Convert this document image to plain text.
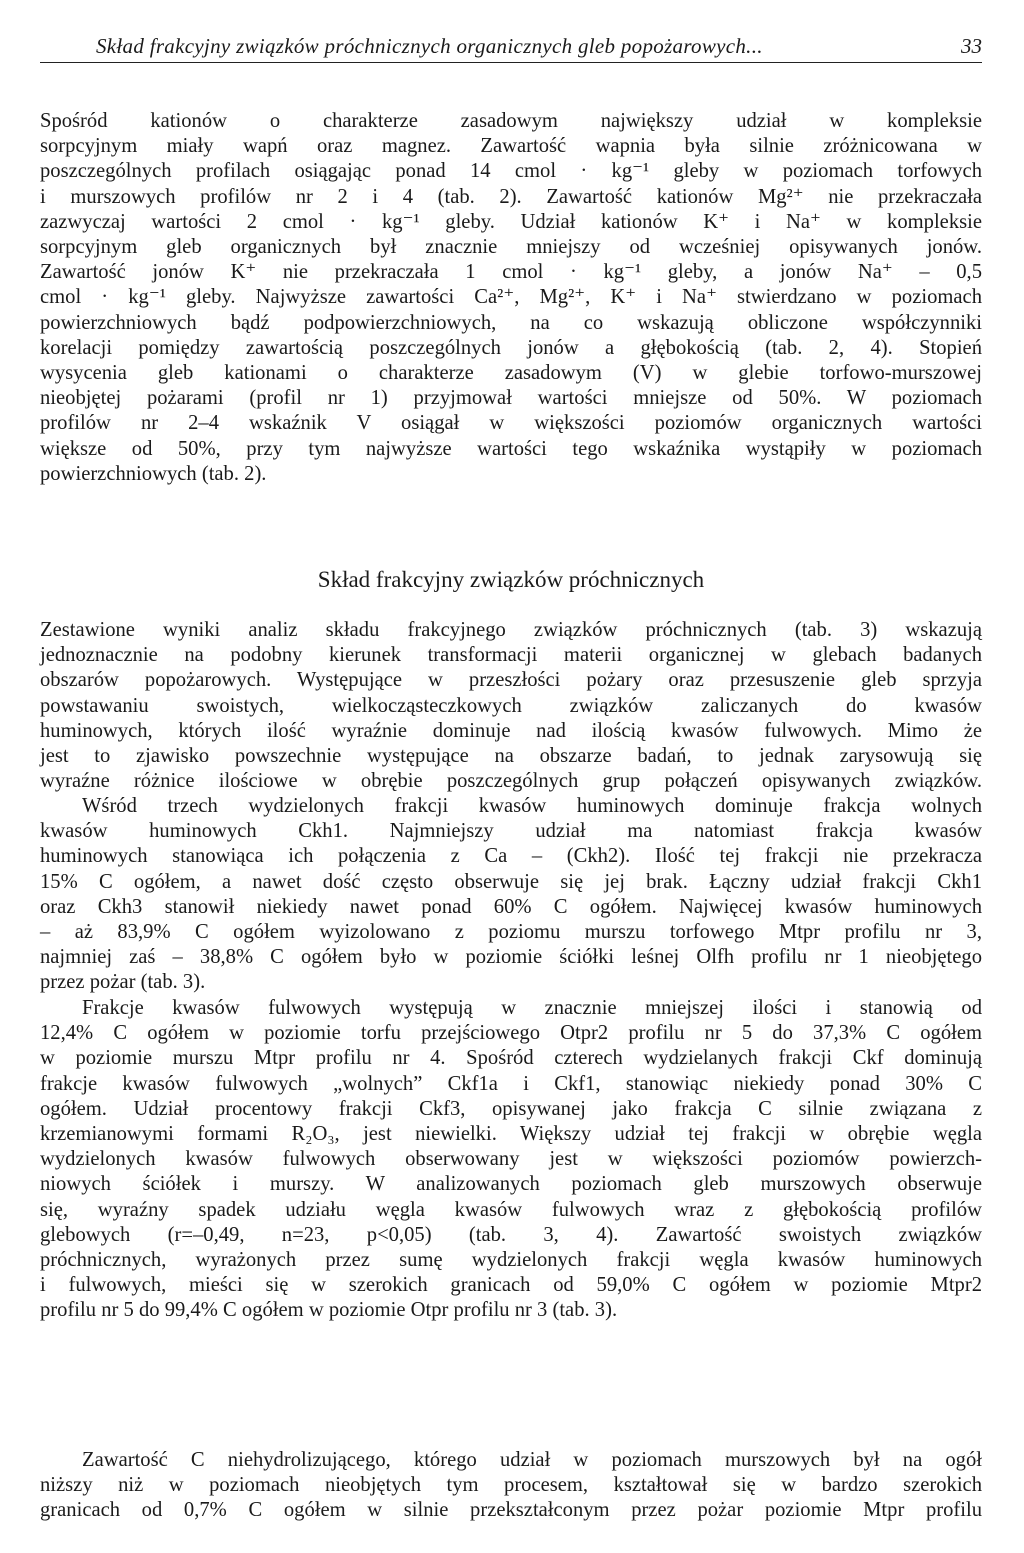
Skład frakcyjny związków próchnicznych organicznych gleb popożarowych...	33
Spośród kationów o charakterze zasadowym największy udział w kompleksie
sorpcyjnym miały wapń oraz magnez. Zawartość wapnia była silnie zróżnicowana w
poszczególnych profilach osiągając ponad 14 cmol · kg⁻¹ gleby w poziomach torfowych
i murszowych profilów nr 2 i 4 (tab. 2). Zawartość kationów Mg²⁺ nie przekraczała
zazwyczaj wartości 2 cmol · kg⁻¹ gleby. Udział kationów K⁺ i Na⁺ w kompleksie
sorpcyjnym gleb organicznych był znacznie mniejszy od wcześniej opisywanych jonów.
Zawartość jonów K⁺ nie przekraczała 1 cmol · kg⁻¹ gleby, a jonów Na⁺ – 0,5
cmol · kg⁻¹ gleby. Najwyższe zawartości Ca²⁺, Mg²⁺, K⁺ i Na⁺ stwierdzano w poziomach
powierzchniowych bądź podpowierzchniowych, na co wskazują obliczone współczynniki
korelacji pomiędzy zawartością poszczególnych jonów a głębokością (tab. 2, 4). Stopień
wysycenia gleb kationami o charakterze zasadowym (V) w glebie torfowo-murszowej
nieobjętej pożarami (profil nr 1) przyjmował wartości mniejsze od 50%. W poziomach
profilów nr 2–4 wskaźnik V osiągał w większości poziomów organicznych wartości
większe od 50%, przy tym najwyższe wartości tego wskaźnika wystąpiły w poziomach
powierzchniowych (tab. 2).
Skład frakcyjny związków próchnicznych
Zestawione wyniki analiz składu frakcyjnego związków próchnicznych (tab. 3) wskazują
jednoznacznie na podobny kierunek transformacji materii organicznej w glebach badanych
obszarów popożarowych. Występujące w przeszłości pożary oraz przesuszenie gleb sprzyja
powstawaniu swoistych, wielkocząsteczkowych związków zaliczanych do kwasów
huminowych, których ilość wyraźnie dominuje nad ilością kwasów fulwowych. Mimo że
jest to zjawisko powszechnie występujące na obszarze badań, to jednak zarysowują się
wyraźne różnice ilościowe w obrębie poszczególnych grup połączeń opisywanych związków.
Wśród trzech wydzielonych frakcji kwasów huminowych dominuje frakcja wolnych
kwasów huminowych Ckh1. Najmniejszy udział ma natomiast frakcja kwasów
huminowych stanowiąca ich połączenia z Ca – (Ckh2). Ilość tej frakcji nie przekracza
15% C ogółem, a nawet dość często obserwuje się jej brak. Łączny udział frakcji Ckh1
oraz Ckh3 stanowił niekiedy nawet ponad 60% C ogółem. Najwięcej kwasów huminowych
– aż 83,9% C ogółem wyizolowano z poziomu murszu torfowego Mtpr profilu nr 3,
najmniej zaś – 38,8% C ogółem było w poziomie ściółki leśnej Olfh profilu nr 1 nieobjętego
przez pożar (tab. 3).
Frakcje kwasów fulwowych występują w znacznie mniejszej ilości i stanowią od
12,4% C ogółem w poziomie torfu przejściowego Otpr2 profilu nr 5 do 37,3% C ogółem
w poziomie murszu Mtpr profilu nr 4. Spośród czterech wydzielanych frakcji Ckf dominują
frakcje kwasów fulwowych „wolnych” Ckf1a i Ckf1, stanowiąc niekiedy ponad 30% C
ogółem. Udział procentowy frakcji Ckf3, opisywanej jako frakcja C silnie związana z
krzemianowymi formami R₂O₃, jest niewielki. Większy udział tej frakcji w obrębie węgla
wydzielonych kwasów fulwowych obserwowany jest w większości poziomów powierzch-
niowych ściółek i murszy. W analizowanych poziomach gleb murszowych obserwuje
się, wyraźny spadek udziału węgla kwasów fulwowych wraz z głębokością profilów
glebowych (r=–0,49, n=23, p<0,05) (tab. 3, 4). Zawartość swoistych związków
próchnicznych, wyrażonych przez sumę wydzielonych frakcji węgla kwasów huminowych
i fulwowych, mieści się w szerokich granicach od 59,0% C ogółem w poziomie Mtpr2
profilu nr 5 do 99,4% C ogółem w poziomie Otpr profilu nr 3 (tab. 3).
Zawartość C niehydrolizującego, którego udział w poziomach murszowych był na ogół
niższy niż w poziomach nieobjętych tym procesem, kształtował się w bardzo szerokich
granicach od 0,7% C ogółem w silnie przekształconym przez pożar poziomie Mtpr profilu
